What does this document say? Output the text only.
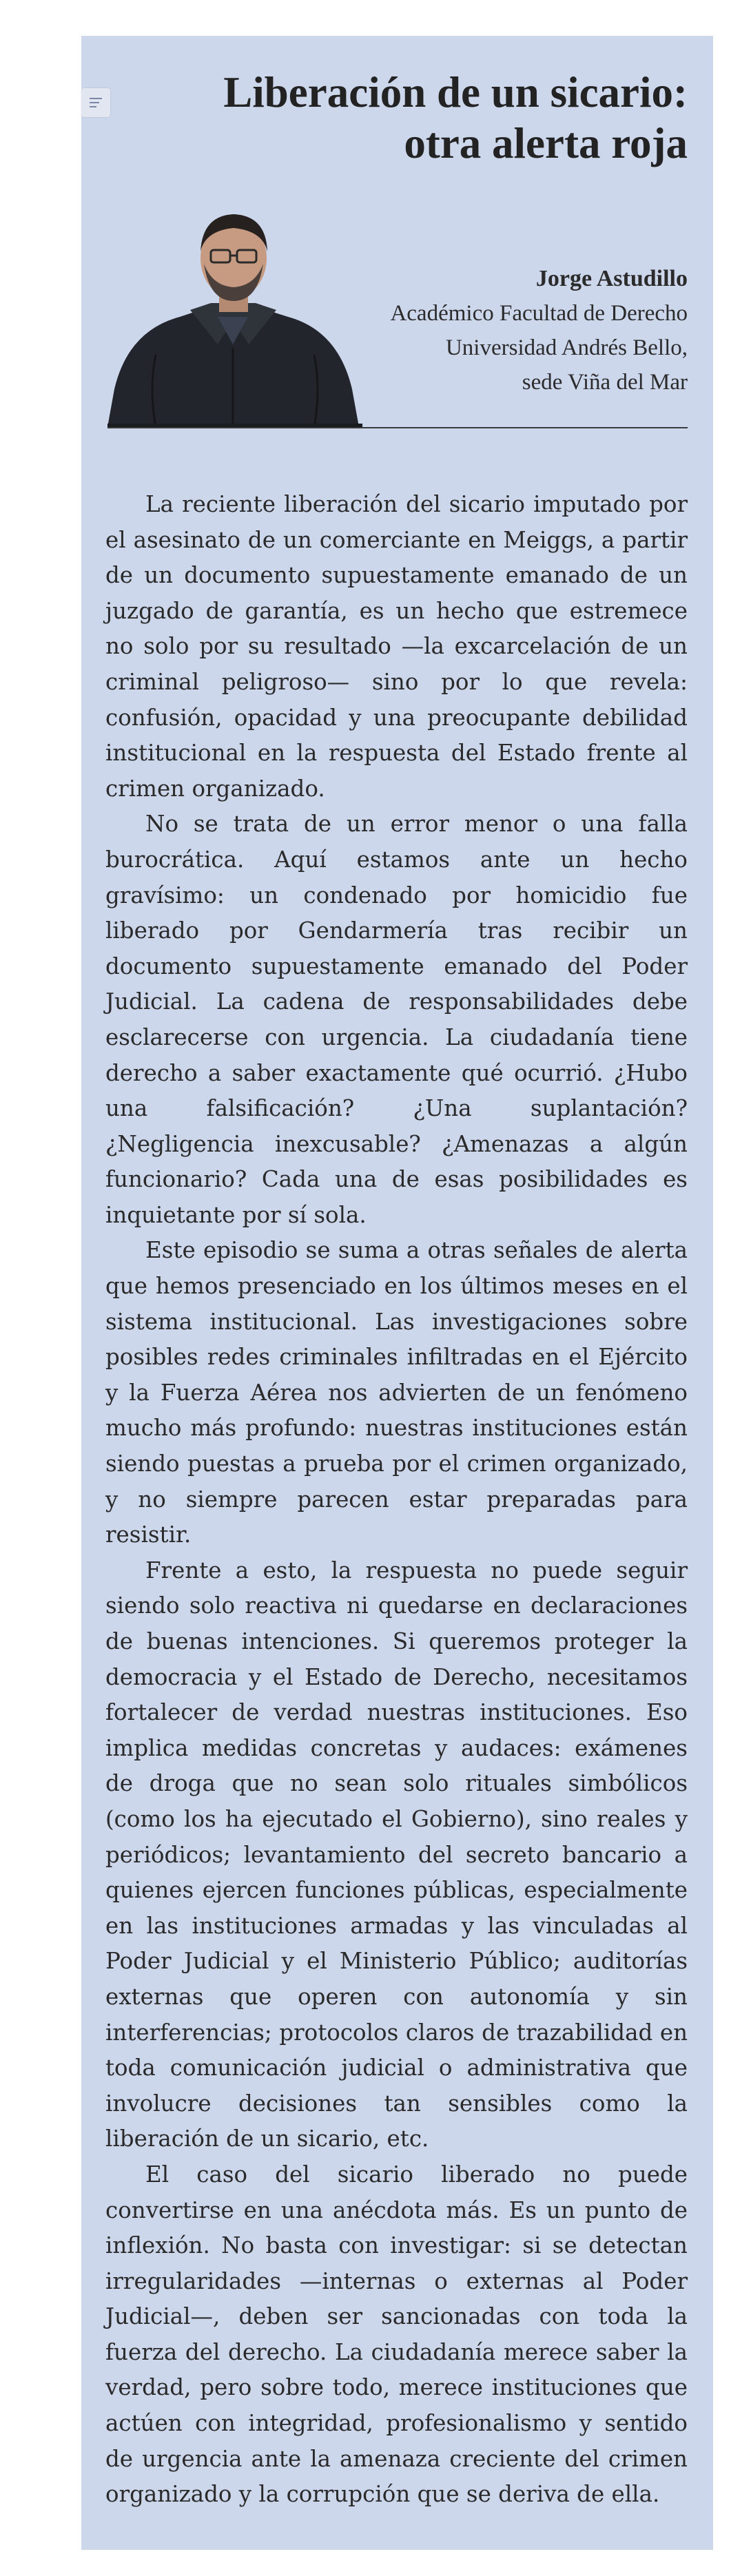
Liberación de un sicario:
otra alerta roja
Jorge Astudillo
Académico Facultad de Derecho
Universidad Andrés Bello,
sede Viña del Mar

La reciente liberación del sicario imputado por el asesinato de un comerciante en Meiggs, a partir de un documento supuestamente emanado de un juzgado de garantía, es un hecho que estremece no solo por su resultado —la excarcelación de un criminal peligroso— sino por lo que revela: confusión, opacidad y una preocupante debilidad institucional en la respuesta del Estado frente al crimen organizado.

No se trata de un error menor o una falla burocrática. Aquí estamos ante un hecho gravísimo: un condenado por homicidio fue liberado por Gendarmería tras recibir un documento supuestamente emanado del Poder Judicial. La cadena de responsabilidades debe esclarecerse con urgencia. La ciudadanía tiene derecho a saber exactamente qué ocurrió. ¿Hubo una falsificación? ¿Una suplantación? ¿Negligencia inexcusable? ¿Amenazas a algún funcionario? Cada una de esas posibilidades es inquietante por sí sola.

Este episodio se suma a otras señales de alerta que hemos presenciado en los últimos meses en el sistema institucional. Las investigaciones sobre posibles redes criminales infiltradas en el Ejército y la Fuerza Aérea nos advierten de un fenómeno mucho más profundo: nuestras instituciones están siendo puestas a prueba por el crimen organizado, y no siempre parecen estar preparadas para resistir.

Frente a esto, la respuesta no puede seguir siendo solo reactiva ni quedarse en declaraciones de buenas intenciones. Si queremos proteger la democracia y el Estado de Derecho, necesitamos fortalecer de verdad nuestras instituciones. Eso implica medidas concretas y audaces: exámenes de droga que no sean solo rituales simbólicos (como los ha ejecutado el Gobierno), sino reales y periódicos; levantamiento del secreto bancario a quienes ejercen funciones públicas, especialmente en las instituciones armadas y las vinculadas al Poder Judicial y el Ministerio Público; auditorías externas que operen con autonomía y sin interferencias; protocolos claros de trazabilidad en toda comunicación judicial o administrativa que involucre decisiones tan sensibles como la liberación de un sicario, etc.

El caso del sicario liberado no puede convertirse en una anécdota más. Es un punto de inflexión. No basta con investigar: si se detectan irregularidades —internas o externas al Poder Judicial—, deben ser sancionadas con toda la fuerza del derecho. La ciudadanía merece saber la verdad, pero sobre todo, merece instituciones que actúen con integridad, profesionalismo y sentido de urgencia ante la amenaza creciente del crimen organizado y la corrupción que se deriva de ella.
